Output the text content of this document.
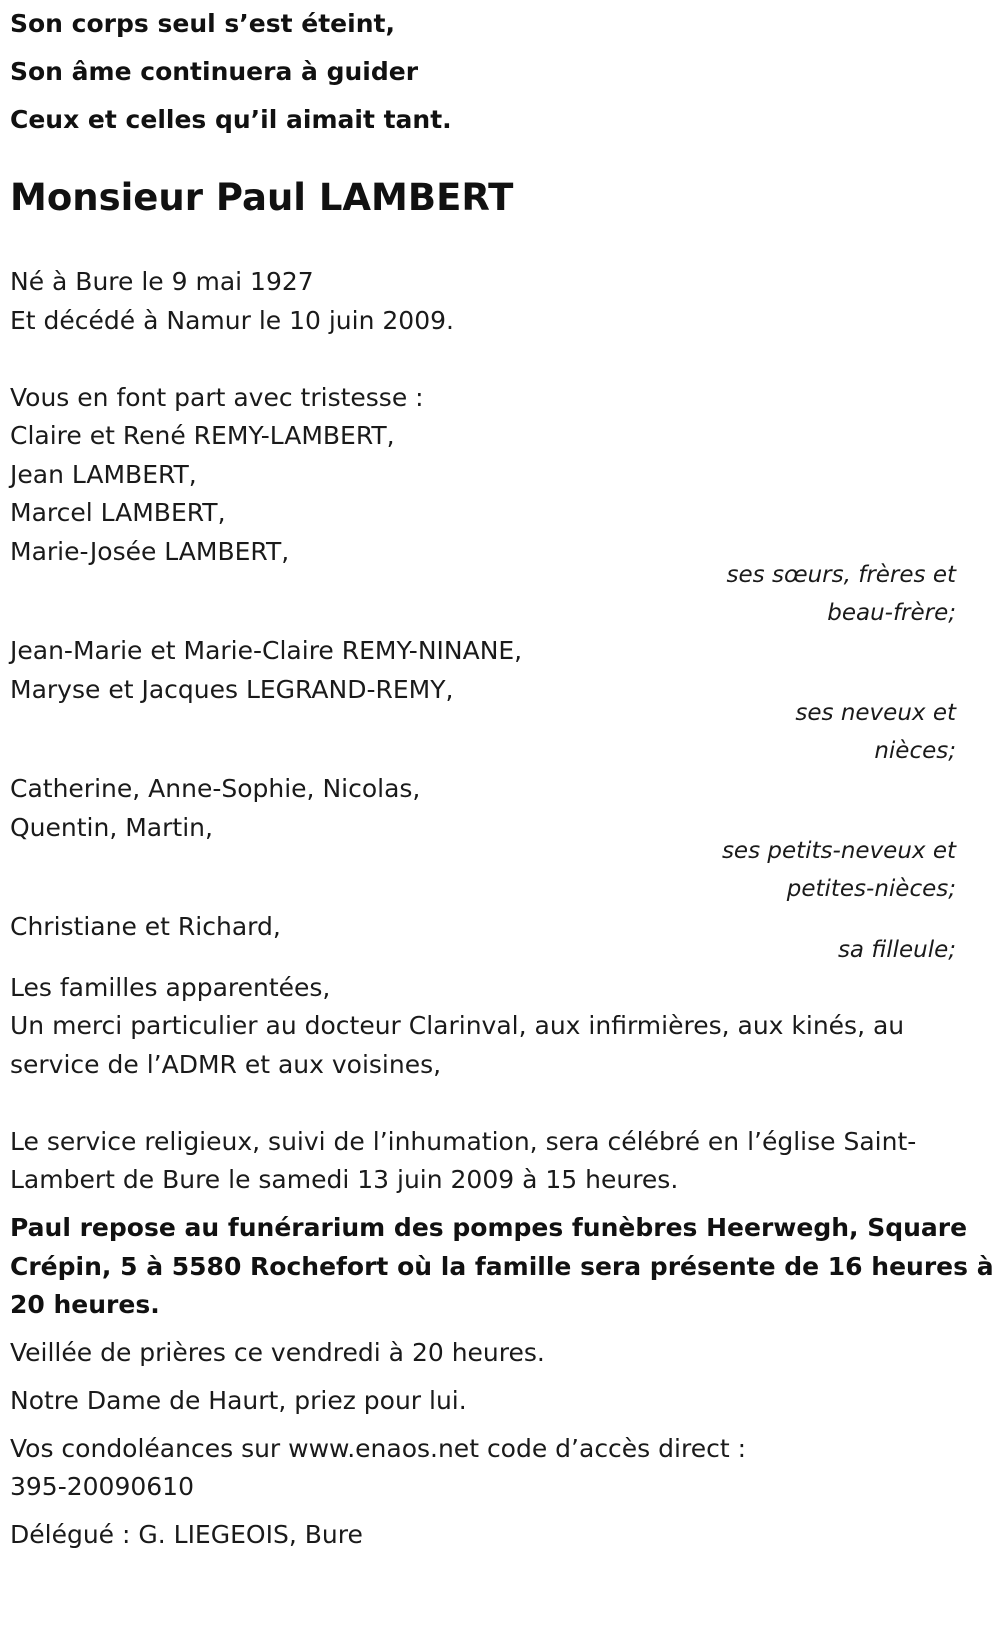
Son corps seul s’est éteint,

Son âme continuera à guider

Ceux et celles qu’il aimait tant.

Monsieur Paul LAMBERT

Né à Bure le 9 mai 1927

Et décédé à Namur le 10 juin 2009.

Vous en font part avec tristesse :

Claire et René REMY-LAMBERT,

Jean LAMBERT,

Marcel LAMBERT,

Marie-Josée LAMBERT,

ses sœurs, frères et
beau-frère;

Jean-Marie et Marie-Claire REMY-NINANE,

Maryse et Jacques LEGRAND-REMY,

ses neveux et
nièces;

Catherine, Anne-Sophie, Nicolas,

Quentin, Martin,

ses petits-neveux et
petites-nièces;

Christiane et Richard,

sa filleule;

Les familles apparentées,

Un merci particulier au docteur Clarinval, aux infirmières, aux kinés, au

service de l’ADMR et aux voisines,

Le service religieux, suivi de l’inhumation, sera célébré en l’église Saint-

Lambert de Bure le samedi 13 juin 2009 à 15 heures.

Paul repose au funérarium des pompes funèbres Heerwegh, Square

Crépin, 5 à 5580 Rochefort où la famille sera présente de 16 heures à

20 heures.

Veillée de prières ce vendredi à 20 heures.

Notre Dame de Haurt, priez pour lui.

Vos condoléances sur www.enaos.net code d’accès direct :

395-20090610

Délégué : G. LIEGEOIS, Bure
